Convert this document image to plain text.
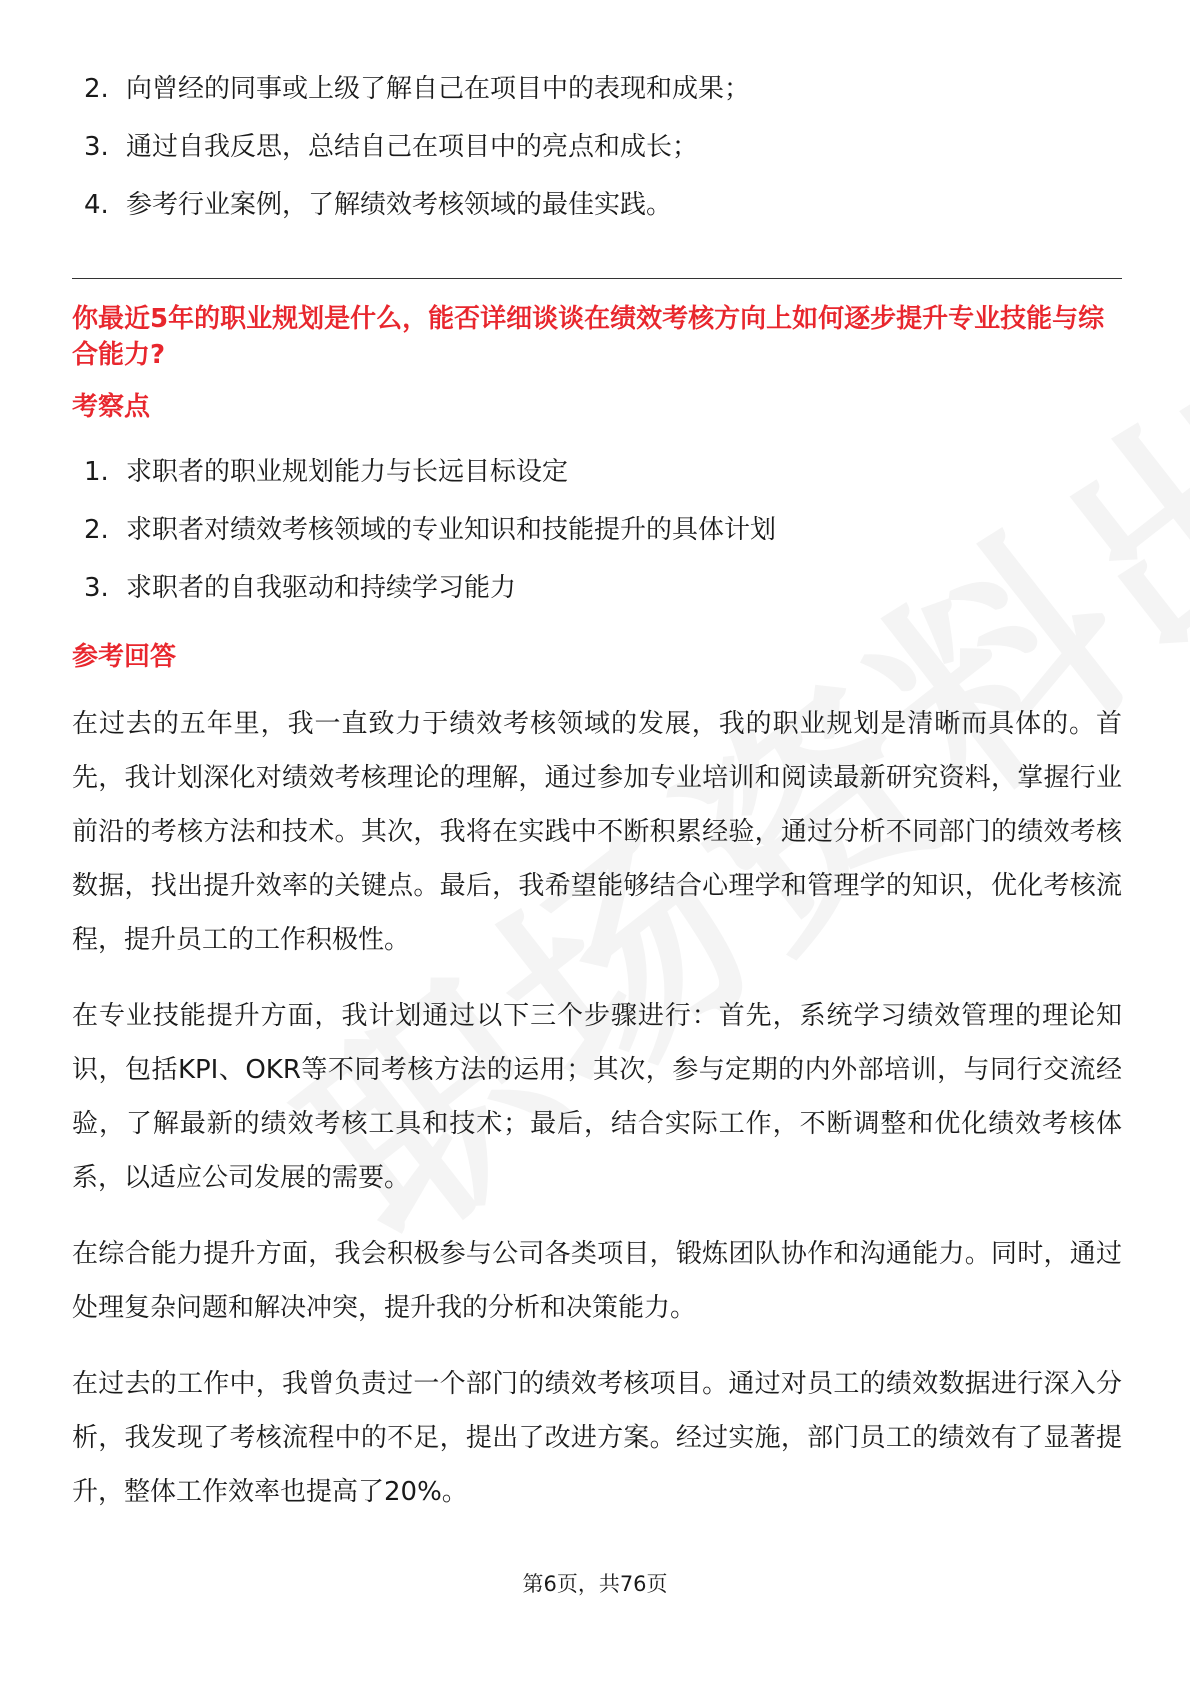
2. 向曾经的同事或上级了解自己在项目中的表现和成果；
3. 通过自我反思，总结自己在项目中的亮点和成长；
4. 参考行业案例，了解绩效考核领域的最佳实践。
你最近5年的职业规划是什么，能否详细谈谈在绩效考核方向上如何逐步提升专业技能与综合能力?
考察点
1. 求职者的职业规划能力与长远目标设定
2. 求职者对绩效考核领域的专业知识和技能提升的具体计划
3. 求职者的自我驱动和持续学习能力
参考回答

在过去的五年里，我一直致力于绩效考核领域的发展，我的职业规划是清晰而具体的。首先，我计划深化对绩效考核理论的理解，通过参加专业培训和阅读最新研究资料，掌握行业前沿的考核方法和技术。其次，我将在实践中不断积累经验，通过分析不同部门的绩效考核数据，找出提升效率的关键点。最后，我希望能够结合心理学和管理学的知识，优化考核流程，提升员工的工作积极性。

在专业技能提升方面，我计划通过以下三个步骤进行：首先，系统学习绩效管理的理论知识，包括KPI、OKR等不同考核方法的运用；其次，参与定期的内外部培训，与同行交流经验，了解最新的绩效考核工具和技术；最后，结合实际工作，不断调整和优化绩效考核体系，以适应公司发展的需要。

在综合能力提升方面，我会积极参与公司各类项目，锻炼团队协作和沟通能力。同时，通过处理复杂问题和解决冲突，提升我的分析和决策能力。

在过去的工作中，我曾负责过一个部门的绩效考核项目。通过对员工的绩效数据进行深入分析，我发现了考核流程中的不足，提出了改进方案。经过实施，部门员工的绩效有了显著提升，整体工作效率也提高了20%。

第6页，共76页
